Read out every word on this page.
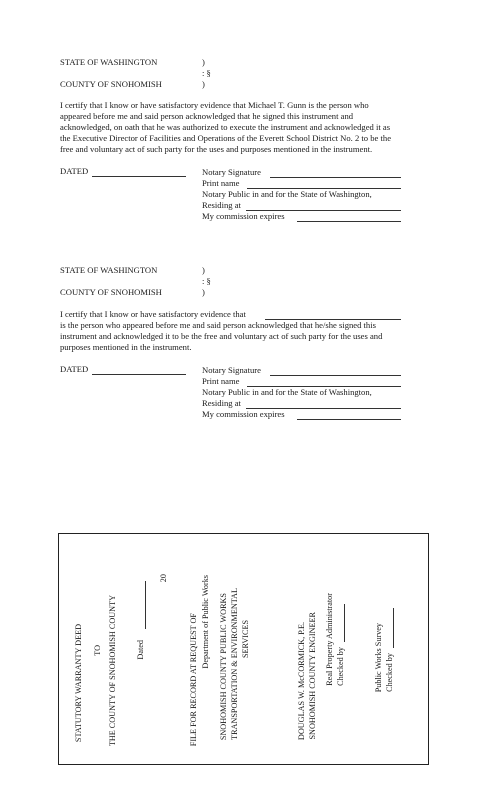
STATE OF WASHINGTON	)
: §
COUNTY OF SNOHOMISH	)
I certify that I know or have satisfactory evidence that Michael T. Gunn is the person who
appeared before me and said person acknowledged that he signed this instrument and
acknowledged, on oath that he was authorized to execute the instrument and acknowledged it as
the Executive Director of Facilities and Operations of the Everett School District No. 2 to be the
free and voluntary act of such party for the uses and purposes mentioned in the instrument.
DATED	Notary Signature
Print name
Notary Public in and for the State of Washington,
Residing at
My commission expires
STATE OF WASHINGTON	)
: §
COUNTY OF SNOHOMISH	)
I certify that I know or have satisfactory evidence that
is the person who appeared before me and said person acknowledged that he/she signed this
instrument and acknowledged it to be the free and voluntary act of such party for the uses and
purposes mentioned in the instrument.
DATED	Notary Signature
Print name
Notary Public in and for the State of Washington,
Residing at
My commission expires
STATUTORY WARRANTY DEED	TO THE COUNTY OF SNOHOMISH COUNTY	Dated
20
FILE FOR RECORD AT REQUEST OF Department of Public Works	SNOHOMISH COUNTY PUBLIC WORKS TRANSPORTATION & ENVIRONMENTAL SERVICES	DOUGLAS W. McCORMICK, P.E. SNOHOMISH COUNTY ENGINEER Real Property Administrator Checked by	Public Works Survey Checked by
